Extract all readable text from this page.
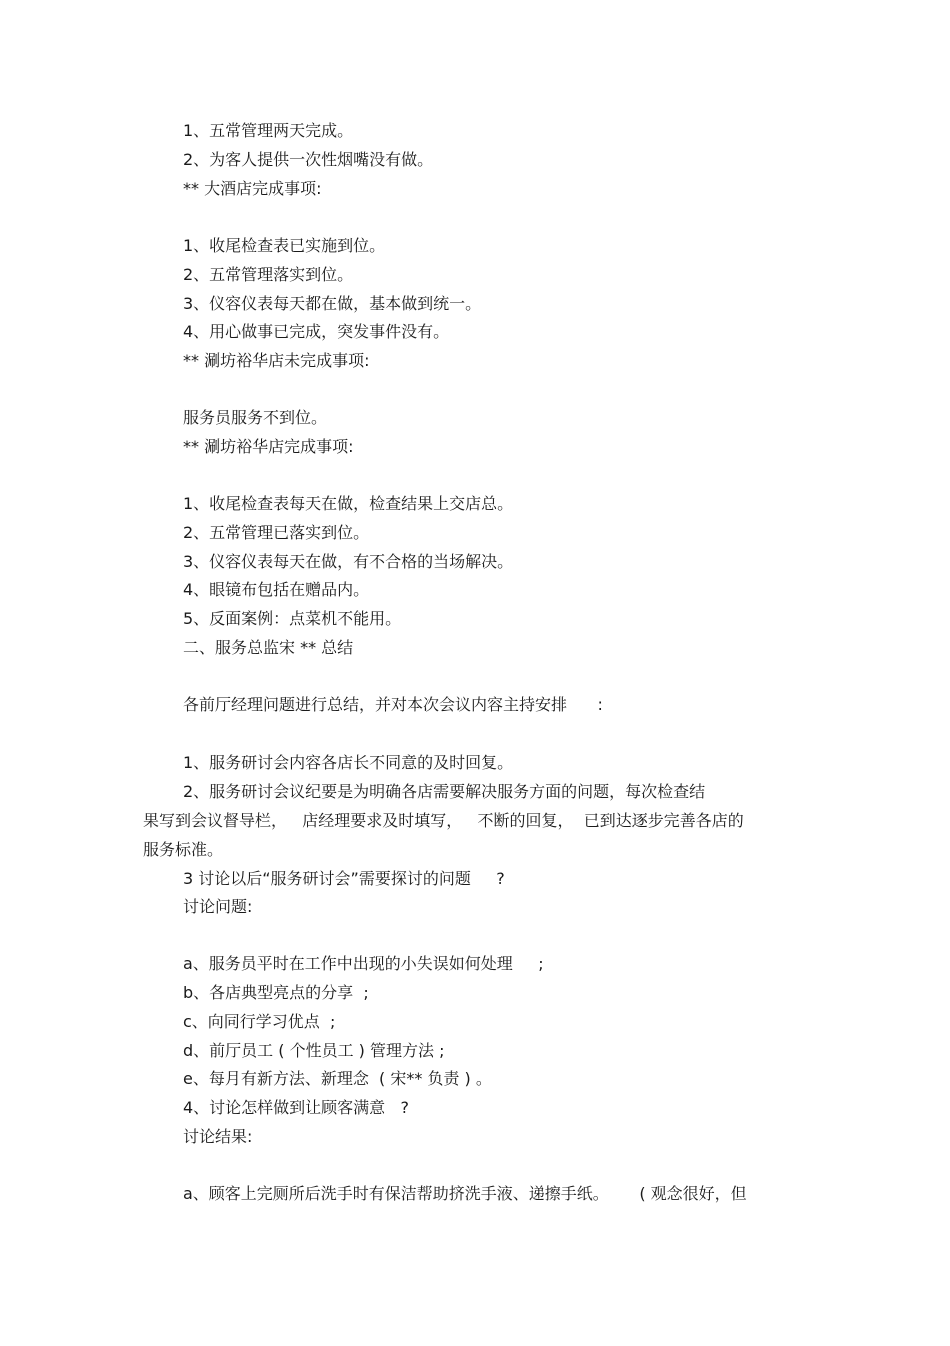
1、五常管理两天完成。
2、为客人提供一次性烟嘴没有做。
** 大酒店完成事项:
1、收尾检查表已实施到位。
2、五常管理落实到位。
3、仪容仪表每天都在做，基本做到统一。
4、用心做事已完成，突发事件没有。
** 涮坊裕华店未完成事项:
服务员服务不到位。
** 涮坊裕华店完成事项:
1、收尾检查表每天在做，检查结果上交店总。
2、五常管理已落实到位。
3、仪容仪表每天在做，有不合格的当场解决。
4、眼镜布包括在赠品内。
5、反面案例：点菜机不能用。
二、服务总监宋 ** 总结
各前厅经理问题进行总结，并对本次会议内容主持安排      :
1、服务研讨会内容各店长不同意的及时回复。
2、服务研讨会议纪要是为明确各店需要解决服务方面的问题，每次检查结
果写到会议督导栏，   店经理要求及时填写，   不断的回复，  已到达逐步完善各店的
服务标准。
3 讨论以后“服务研讨会”需要探讨的问题     ?
讨论问题:
a、服务员平时在工作中出现的小失误如何处理     ;
b、各店典型亮点的分享  ;
c、向同行学习优点  ;
d、前厅员工 ( 个性员工 ) 管理方法 ;
e、每月有新方法、新理念  ( 宋** 负责 ) 。
4、讨论怎样做到让顾客满意   ?
讨论结果:
a、顾客上完厕所后洗手时有保洁帮助挤洗手液、递擦手纸。      ( 观念很好，但
